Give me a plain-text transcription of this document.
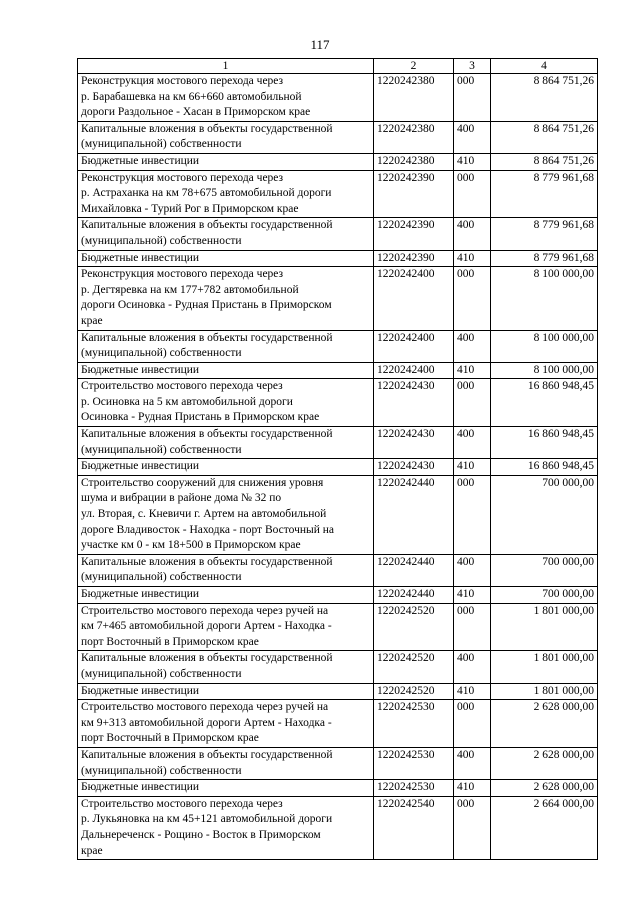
117
1	2	3	4
Реконструкция мостового перехода через
р. Барабашевка на км 66+660 автомобильной
дороги Раздольное - Хасан в Приморском крае	1220242380	000	8 864 751,26
Капитальные вложения в объекты государственной
(муниципальной) собственности	1220242380	400	8 864 751,26
Бюджетные инвестиции	1220242380	410	8 864 751,26
Реконструкция мостового перехода через
р. Астраханка на км 78+675 автомобильной дороги
Михайловка - Турий Рог в Приморском крае	1220242390	000	8 779 961,68
Капитальные вложения в объекты государственной
(муниципальной) собственности	1220242390	400	8 779 961,68
Бюджетные инвестиции	1220242390	410	8 779 961,68
Реконструкция мостового перехода через
р. Дегтяревка на км 177+782 автомобильной
дороги Осиновка - Рудная Пристань в Приморском
крае	1220242400	000	8 100 000,00
Капитальные вложения в объекты государственной
(муниципальной) собственности	1220242400	400	8 100 000,00
Бюджетные инвестиции	1220242400	410	8 100 000,00
Строительство мостового перехода через
р. Осиновка на 5 км автомобильной дороги
Осиновка - Рудная Пристань в Приморском крае	1220242430	000	16 860 948,45
Капитальные вложения в объекты государственной
(муниципальной) собственности	1220242430	400	16 860 948,45
Бюджетные инвестиции	1220242430	410	16 860 948,45
Строительство сооружений для снижения уровня
шума и вибрации в районе дома № 32 по
ул. Вторая, с. Кневичи г. Артем на автомобильной
дороге Владивосток - Находка - порт Восточный на
участке км 0 - км 18+500 в Приморском крае	1220242440	000	700 000,00
Капитальные вложения в объекты государственной
(муниципальной) собственности	1220242440	400	700 000,00
Бюджетные инвестиции	1220242440	410	700 000,00
Строительство мостового перехода через ручей на
км 7+465 автомобильной дороги Артем - Находка -
порт Восточный в Приморском крае	1220242520	000	1 801 000,00
Капитальные вложения в объекты государственной
(муниципальной) собственности	1220242520	400	1 801 000,00
Бюджетные инвестиции	1220242520	410	1 801 000,00
Строительство мостового перехода через ручей на
км 9+313 автомобильной дороги Артем - Находка -
порт Восточный в Приморском крае	1220242530	000	2 628 000,00
Капитальные вложения в объекты государственной
(муниципальной) собственности	1220242530	400	2 628 000,00
Бюджетные инвестиции	1220242530	410	2 628 000,00
Строительство мостового перехода через
р. Лукьяновка на км 45+121 автомобильной дороги
Дальнереченск - Рощино - Восток в Приморском
крае	1220242540	000	2 664 000,00
